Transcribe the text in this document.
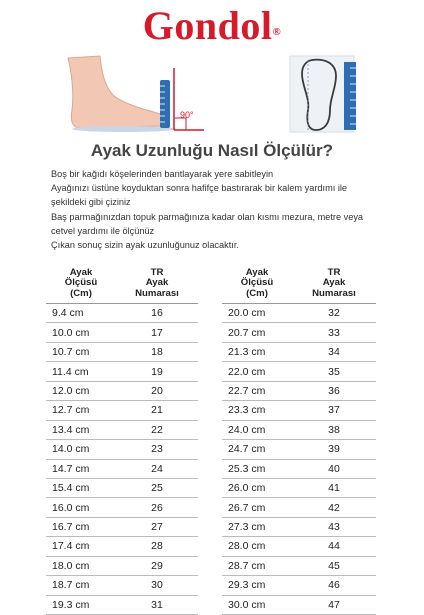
Gondol®
90°
Ayak Uzunluğu Nasıl Ölçülür?

Boş bir kağıdı köşelerinden bantlayarak yere sabitleyin

Ayağınızı üstüne koyduktan sonra hafifçe bastırarak bir kalem yardımı ile şekildeki gibi çiziniz

Baş parmağınızdan topuk parmağınıza kadar olan kısmı mezura, metre veya cetvel yardımı ile ölçünüz

Çıkan sonuç sizin ayak uzunluğunuz olacaktır.

Ayak
Ölçüsü
(Cm)	TR
Ayak
Numarası
9.4 cm	16
10.0 cm	17
10.7 cm	18
11.4 cm	19
12.0 cm	20
12.7 cm	21
13.4 cm	22
14.0 cm	23
14.7 cm	24
15.4 cm	25
16.0 cm	26
16.7 cm	27
17.4 cm	28
18.0 cm	29
18.7 cm	30
19.3 cm	31
Ayak
Ölçüsü
(Cm)	TR
Ayak
Numarası
20.0 cm	32
20.7 cm	33
21.3 cm	34
22.0 cm	35
22.7 cm	36
23.3 cm	37
24.0 cm	38
24.7 cm	39
25.3 cm	40
26.0 cm	41
26.7 cm	42
27.3 cm	43
28.0 cm	44
28.7 cm	45
29.3 cm	46
30.0 cm	47
